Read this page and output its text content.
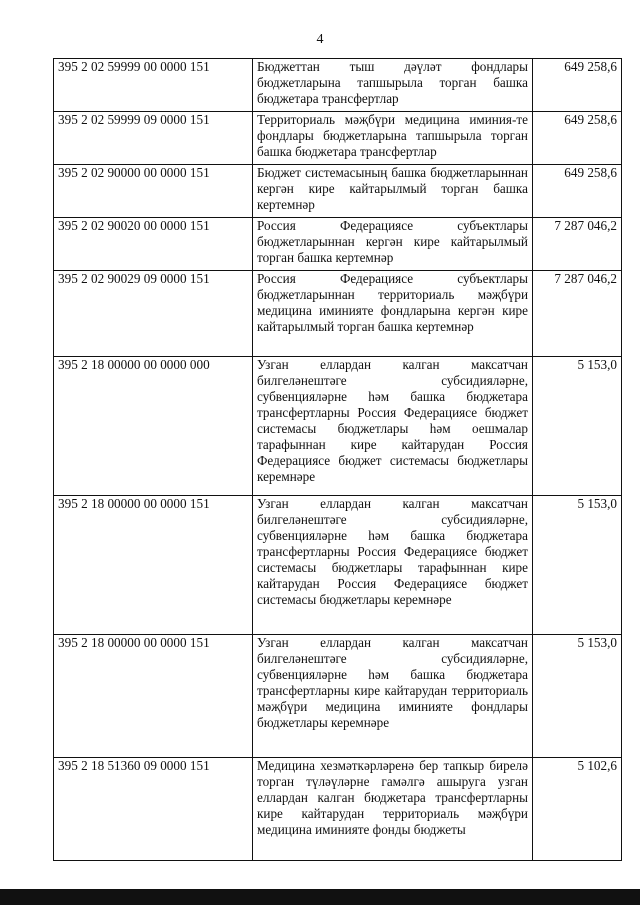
4
395 2 02 59999 00 0000 151	Бюджеттан тыш дәүләт фондлары бюджетларына тапшырыла торган башка бюджетара трансфертлар	649 258,6
395 2 02 59999 09 0000 151	Территориаль мәҗбүри медицина иминия-те фондлары бюджетларына тапшырыла торган башка бюджетара трансфертлар	649 258,6
395 2 02 90000 00 0000 151	Бюджет системасының башка бюджетларыннан кергән кире кайтарылмый торган башка кертемнәр	649 258,6
395 2 02 90020 00 0000 151	Россия Федерациясе субъектлары бюджетларыннан кергән кире кайтарылмый торган башка кертемнәр	7 287 046,2
395 2 02 90029 09 0000 151	Россия Федерациясе субъектлары бюджетларыннан территориаль мәҗбүри медицина иминияте фондларына кергән кире кайтарылмый торган башка кертемнәр	7 287 046,2
395 2 18 00000 00 0000 000	Узган еллардан калган максатчан билгеләнештәге субсидияләрне, субвенцияләрне һәм башка бюджетара трансфертларны Россия Федерациясе бюджет системасы бюджетлары һәм оешмалар тарафыннан кире кайтарудан Россия Федерациясе бюджет системасы бюджетлары керемнәре	5 153,0
395 2 18 00000 00 0000 151	Узган еллардан калган максатчан билгеләнештәге субсидияләрне, субвенцияләрне һәм башка бюджетара трансфертларны Россия Федерациясе бюджет системасы бюджетлары тарафыннан кире кайтарудан Россия Федерациясе бюджет системасы бюджетлары керемнәре	5 153,0
395 2 18 00000 00 0000 151	Узган еллардан калган максатчан билгеләнештәге субсидияләрне, субвенцияләрне һәм башка бюджетара трансфертларны кире кайтарудан территориаль мәҗбүри медицина иминияте фондлары бюджетлары керемнәре	5 153,0
395 2 18 51360 09 0000 151	Медицина хезмәткәрләренә бер тапкыр бирелә торган түләүләрне гамәлгә ашыруга узган еллардан калган бюджетара трансфертларны кире кайтарудан территориаль мәҗбүри медицина иминияте фонды бюджеты	5 102,6
